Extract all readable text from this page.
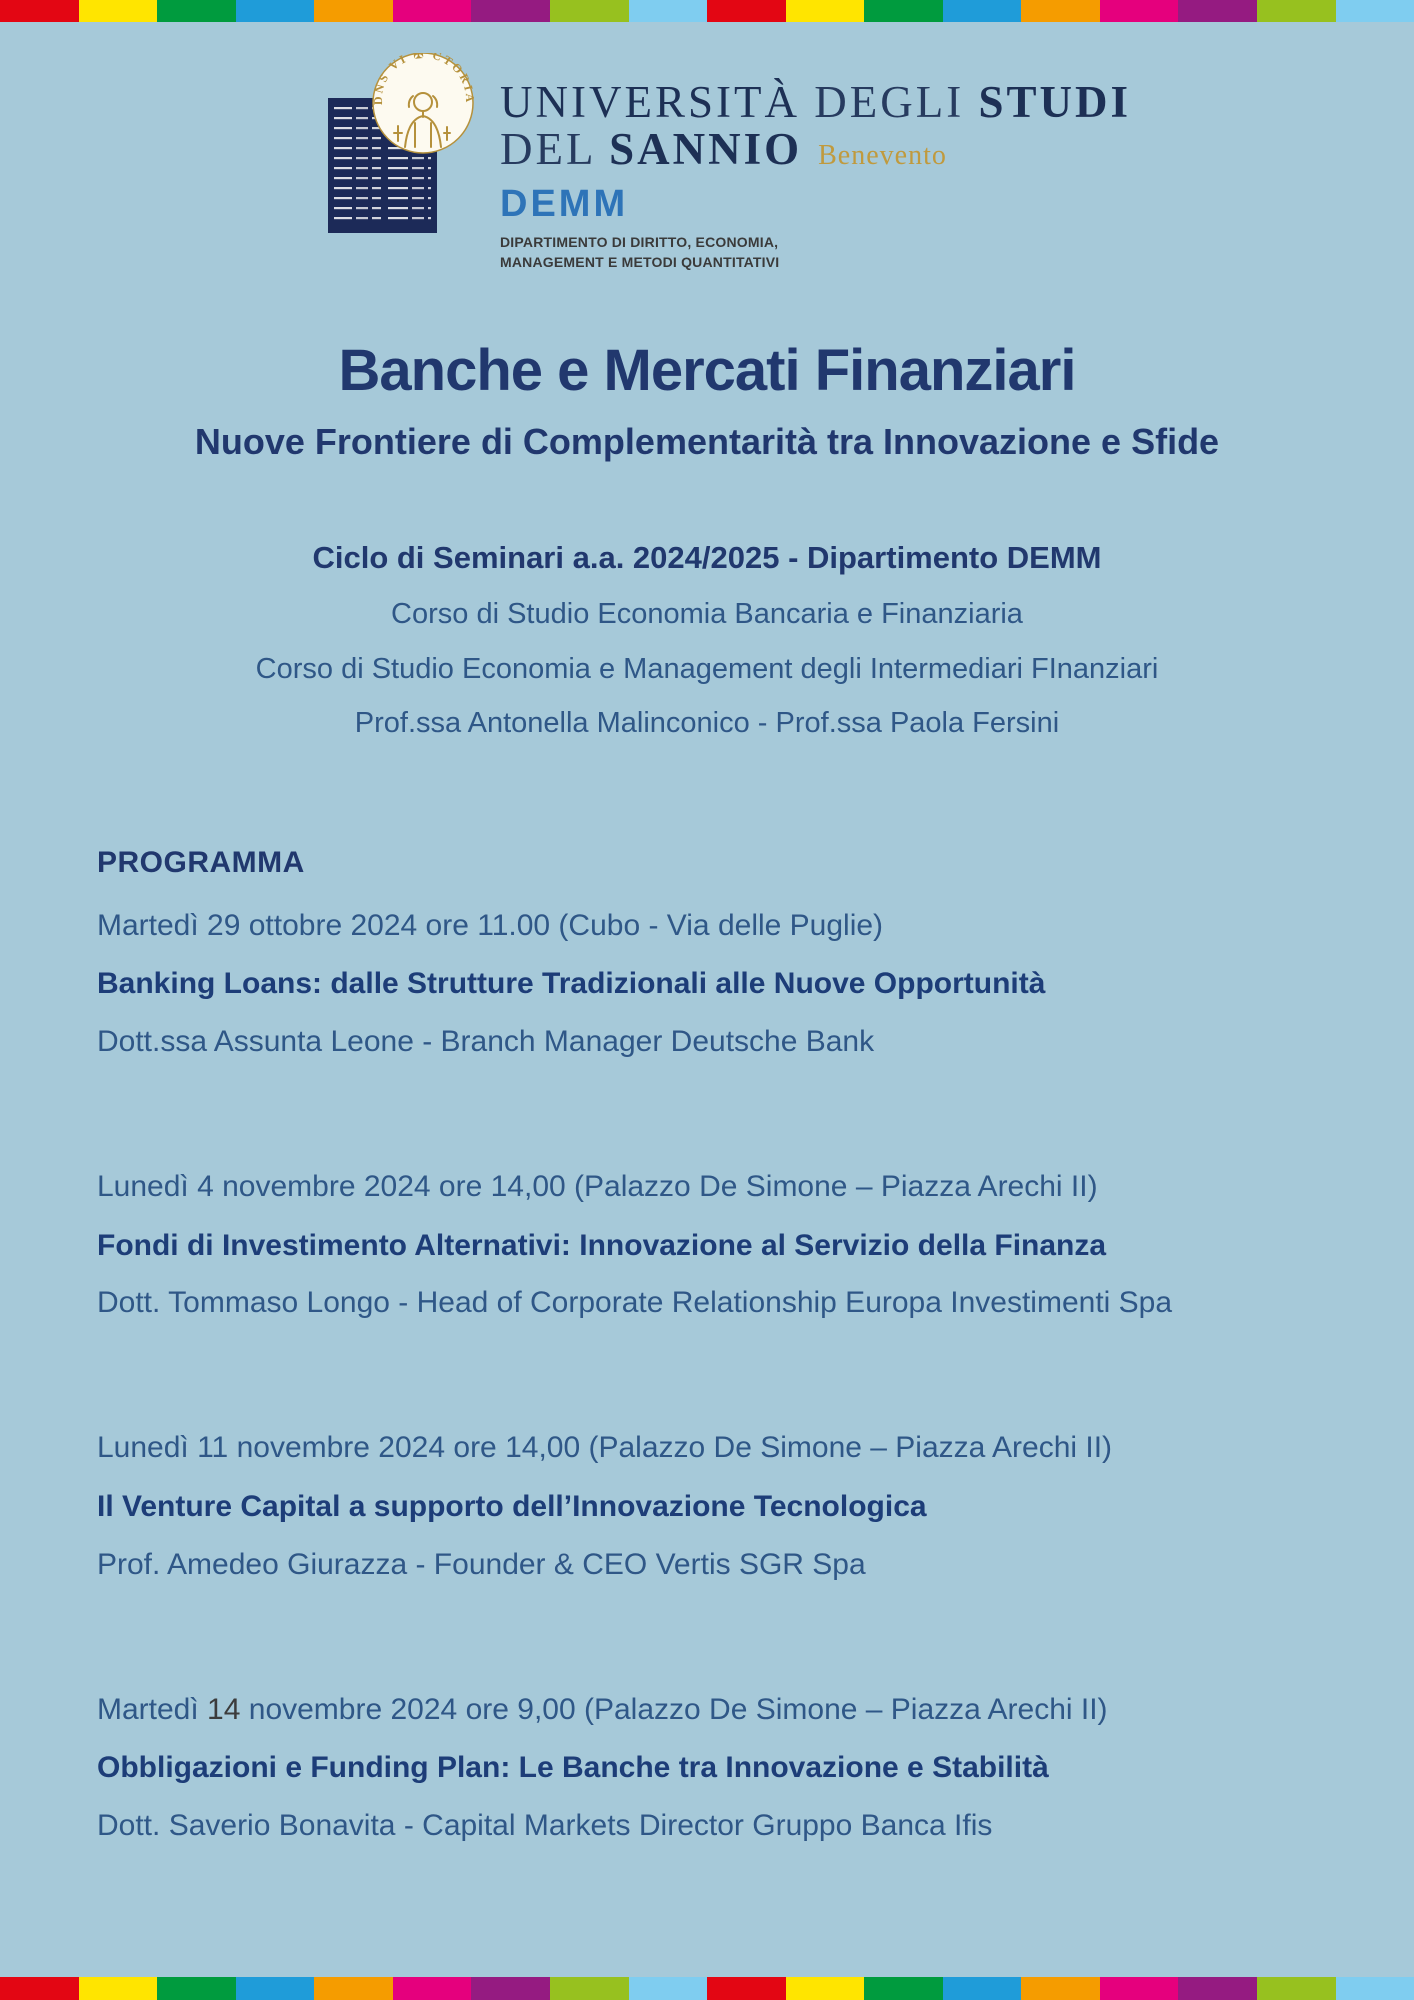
DNS VI ✠ CTORIA UNIVERSITÀ DEGLI STUDI
DEL SANNIO Benevento
DEMM
DIPARTIMENTO DI DIRITTO, ECONOMIA,
MANAGEMENT E METODI QUANTITATIVI
Banche e Mercati Finanziari
Nuove Frontiere di Complementarità tra Innovazione e Sfide

Ciclo di Seminari a.a. 2024/2025 - Dipartimento DEMM

Corso di Studio Economia Bancaria e Finanziaria

Corso di Studio Economia e Management degli Intermediari FInanziari

Prof.ssa Antonella Malinconico - Prof.ssa Paola Fersini

PROGRAMMA

Martedì 29 ottobre 2024 ore 11.00 (Cubo - Via delle Puglie)

Banking Loans: dalle Strutture Tradizionali alle Nuove Opportunità

Dott.ssa Assunta Leone - Branch Manager Deutsche Bank

Lunedì 4 novembre 2024 ore 14,00 (Palazzo De Simone – Piazza Arechi II)

Fondi di Investimento Alternativi: Innovazione al Servizio della Finanza

Dott. Tommaso Longo - Head of Corporate Relationship Europa Investimenti Spa

Lunedì 11 novembre 2024 ore 14,00 (Palazzo De Simone – Piazza Arechi II)

Il Venture Capital a supporto dell’Innovazione Tecnologica

Prof. Amedeo Giurazza - Founder & CEO Vertis SGR Spa

Martedì 14 novembre 2024 ore 9,00 (Palazzo De Simone – Piazza Arechi II)

Obbligazioni e Funding Plan: Le Banche tra Innovazione e Stabilità

Dott. Saverio Bonavita - Capital Markets Director Gruppo Banca Ifis
